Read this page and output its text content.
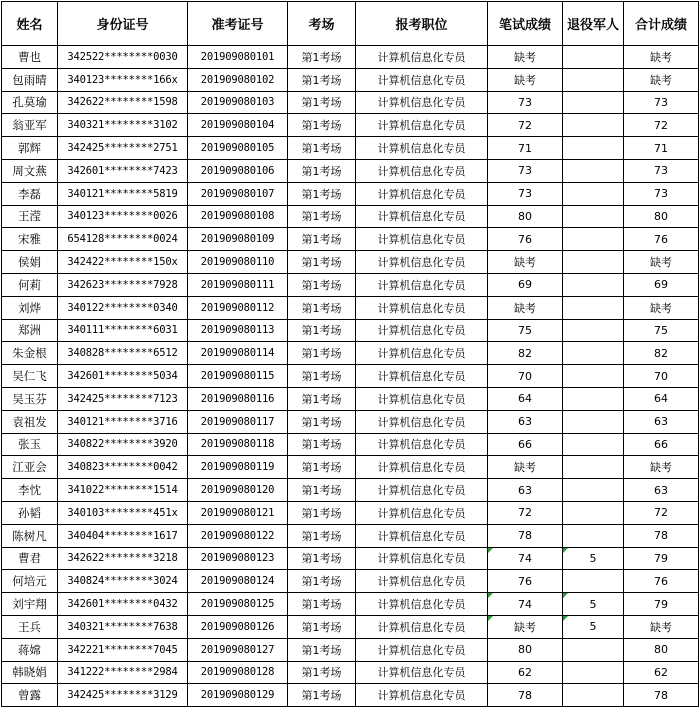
姓名	身份证号	准考证号	考场	报考职位	笔试成绩	退役军人	合计成绩
曹也	342522********0030	201909080101	第1考场	计算机信息化专员	缺考		缺考
包雨晴	340123********166x	201909080102	第1考场	计算机信息化专员	缺考		缺考
孔莫瑜	342622********1598	201909080103	第1考场	计算机信息化专员	73		73
翁亚军	340321********3102	201909080104	第1考场	计算机信息化专员	72		72
郭辉	342425********2751	201909080105	第1考场	计算机信息化专员	71		71
周文燕	342601********7423	201909080106	第1考场	计算机信息化专员	73		73
李磊	340121********5819	201909080107	第1考场	计算机信息化专员	73		73
王滢	340123********0026	201909080108	第1考场	计算机信息化专员	80		80
宋雅	654128********0024	201909080109	第1考场	计算机信息化专员	76		76
侯娟	342422********150x	201909080110	第1考场	计算机信息化专员	缺考		缺考
何莉	342623********7928	201909080111	第1考场	计算机信息化专员	69		69
刘烨	340122********0340	201909080112	第1考场	计算机信息化专员	缺考		缺考
郑洲	340111********6031	201909080113	第1考场	计算机信息化专员	75		75
朱金根	340828********6512	201909080114	第1考场	计算机信息化专员	82		82
吴仁飞	342601********5034	201909080115	第1考场	计算机信息化专员	70		70
吴玉芬	342425********7123	201909080116	第1考场	计算机信息化专员	64		64
袁祖发	340121********3716	201909080117	第1考场	计算机信息化专员	63		63
张玉	340822********3920	201909080118	第1考场	计算机信息化专员	66		66
江亚会	340823********0042	201909080119	第1考场	计算机信息化专员	缺考		缺考
李忱	341022********1514	201909080120	第1考场	计算机信息化专员	63		63
孙韬	340103********451x	201909080121	第1考场	计算机信息化专员	72		72
陈树凡	340404********1617	201909080122	第1考场	计算机信息化专员	78		78
曹君	342622********3218	201909080123	第1考场	计算机信息化专员	74	5	79
何培元	340824********3024	201909080124	第1考场	计算机信息化专员	76		76
刘宇翔	342601********0432	201909080125	第1考场	计算机信息化专员	74	5	79
王兵	340321********7638	201909080126	第1考场	计算机信息化专员	缺考	5	缺考
蒋嫦	342221********7045	201909080127	第1考场	计算机信息化专员	80		80
韩晓娟	341222********2984	201909080128	第1考场	计算机信息化专员	62		62
曾露	342425********3129	201909080129	第1考场	计算机信息化专员	78		78
